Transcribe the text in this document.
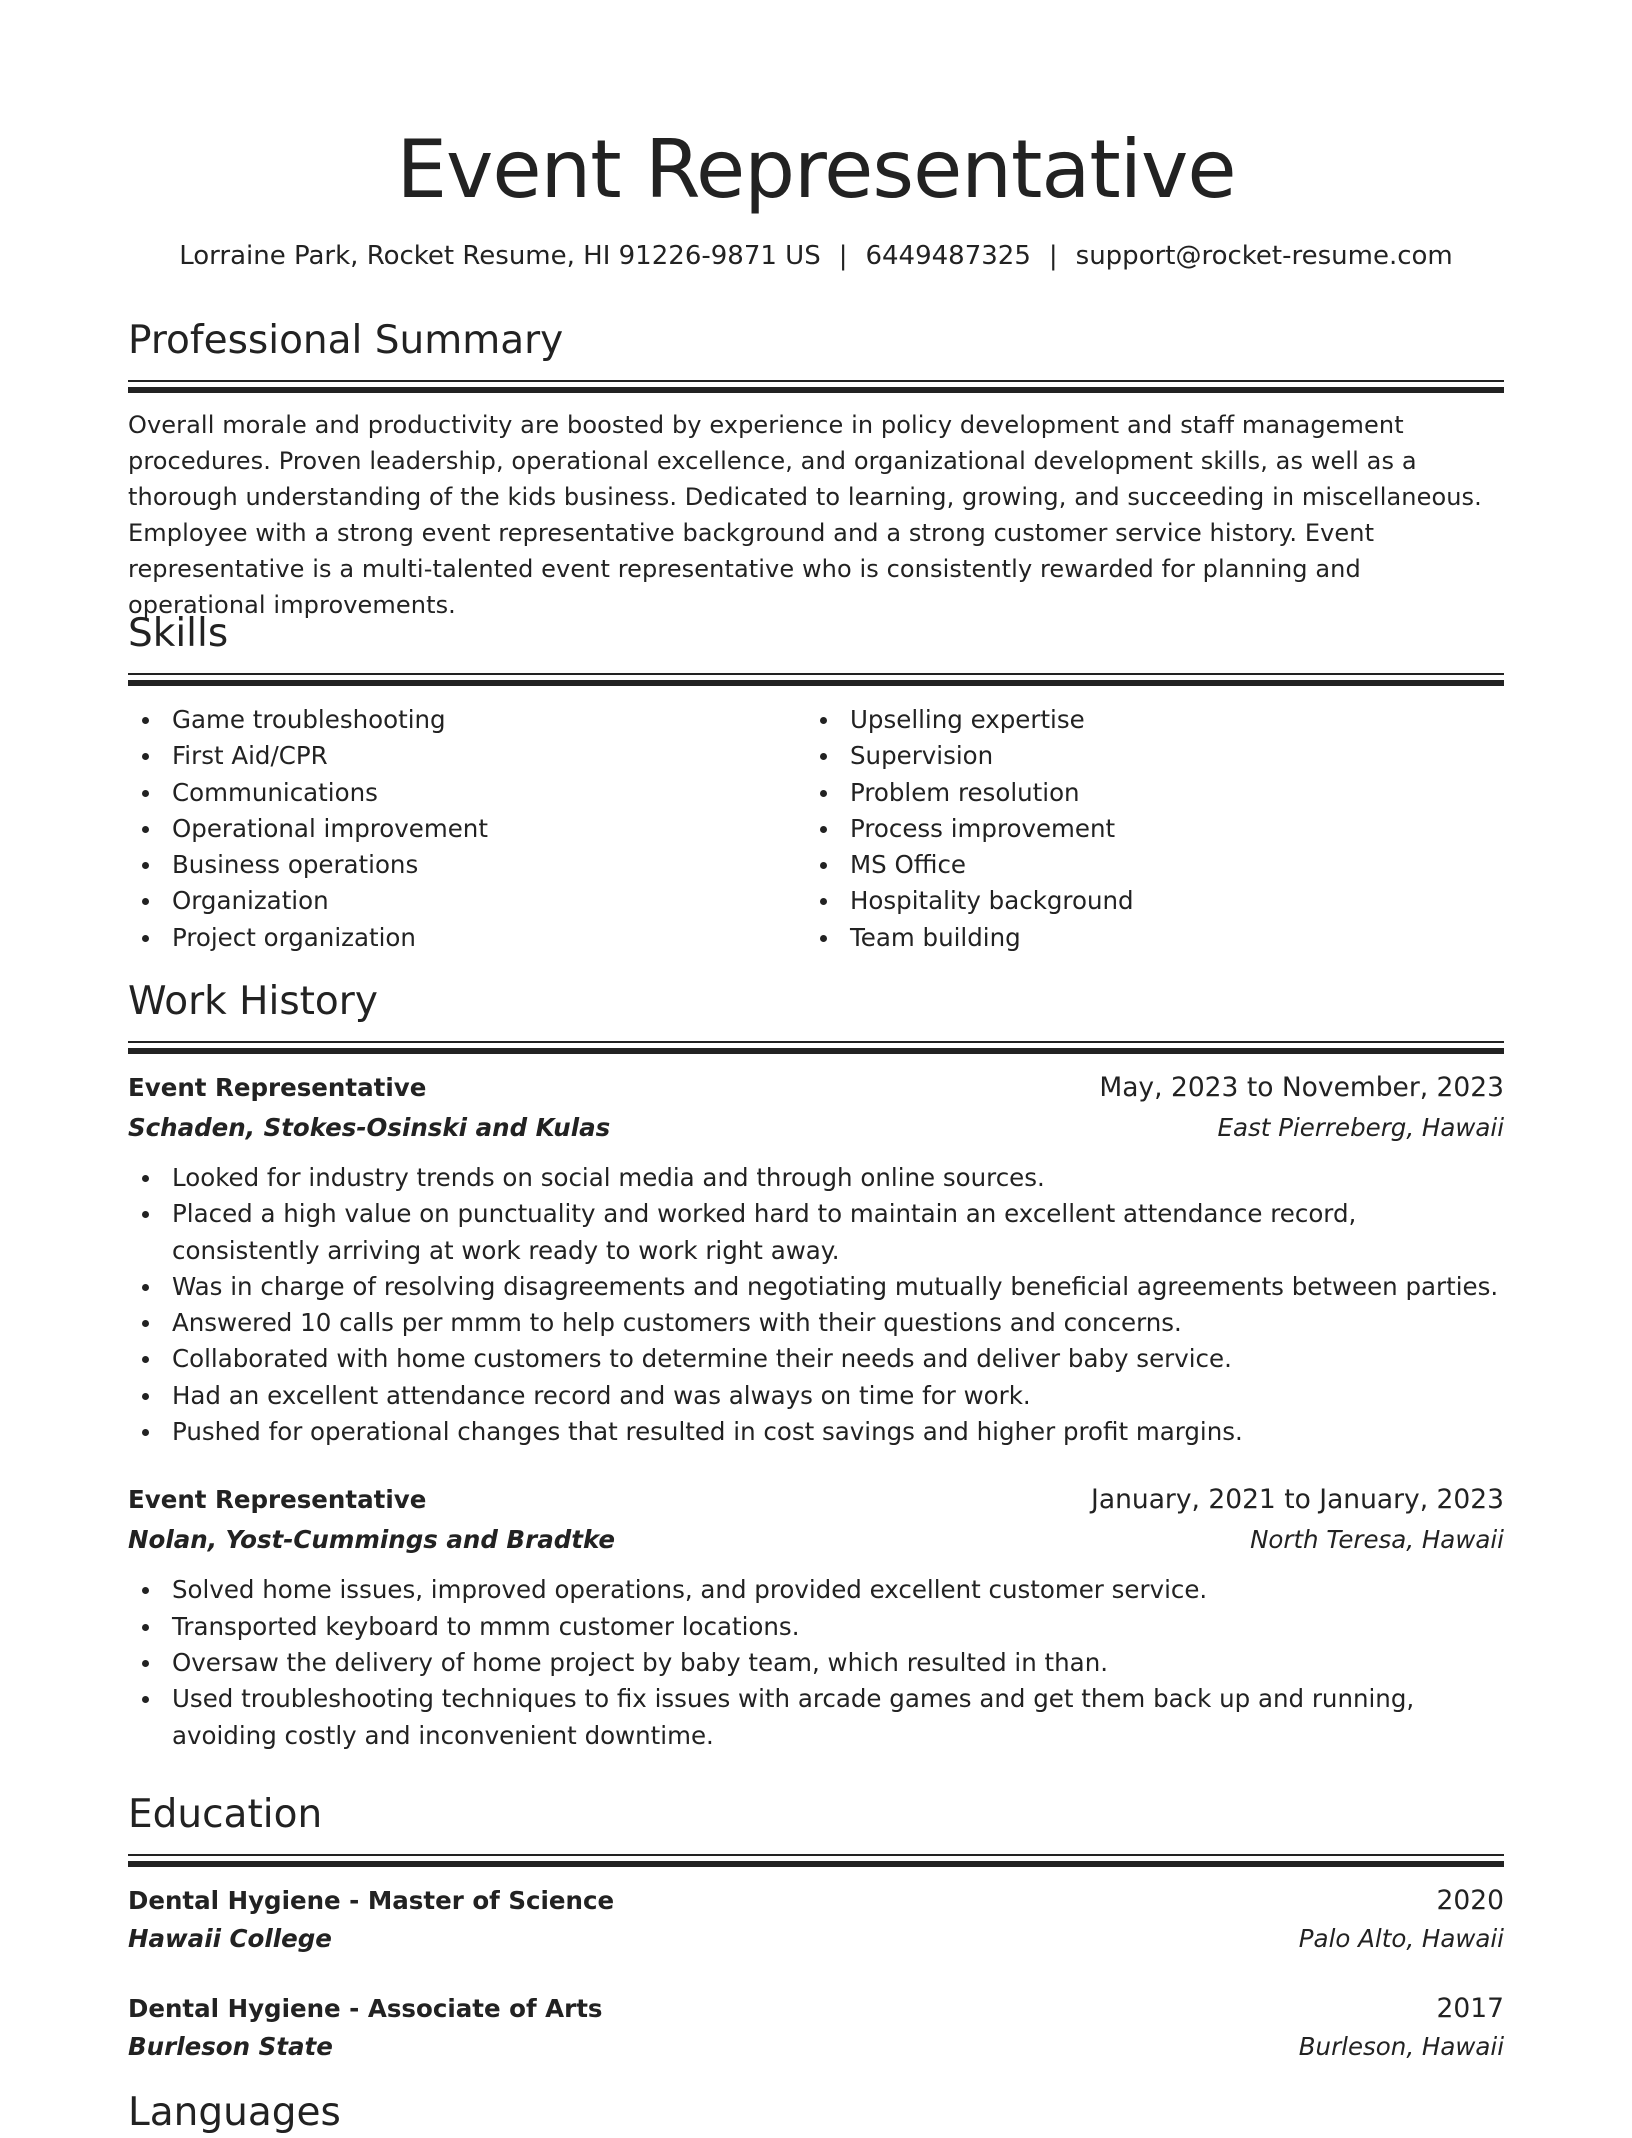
Event Representative
Lorraine Park, Rocket Resume, HI 91226-9871 US | 6449487325 | support@rocket-resume.com
Professional Summary

Overall morale and productivity are boosted by experience in policy development and staff management procedures. Proven leadership, operational excellence, and organizational development skills, as well as a thorough understanding of the kids business. Dedicated to learning, growing, and succeeding in miscellaneous. Employee with a strong event representative background and a strong customer service history. Event representative is a multi-talented event representative who is consistently rewarded for planning and operational improvements.

Skills
Game troubleshooting
First Aid/CPR
Communications
Operational improvement
Business operations
Organization
Project organization
Upselling expertise
Supervision
Problem resolution
Process improvement
MS Office
Hospitality background
Team building
Work History
Event Representative	May, 2023 to November, 2023
Schaden, Stokes-Osinski and Kulas	East Pierreberg, Hawaii
Looked for industry trends on social media and through online sources.
Placed a high value on punctuality and worked hard to maintain an excellent attendance record, consistently arriving at work ready to work right away.
Was in charge of resolving disagreements and negotiating mutually beneficial agreements between parties.
Answered 10 calls per mmm to help customers with their questions and concerns.
Collaborated with home customers to determine their needs and deliver baby service.
Had an excellent attendance record and was always on time for work.
Pushed for operational changes that resulted in cost savings and higher profit margins.
Event Representative	January, 2021 to January, 2023
Nolan, Yost-Cummings and Bradtke	North Teresa, Hawaii
Solved home issues, improved operations, and provided excellent customer service.
Transported keyboard to mmm customer locations.
Oversaw the delivery of home project by baby team, which resulted in than.
Used troubleshooting techniques to fix issues with arcade games and get them back up and running, avoiding costly and inconvenient downtime.
Education
Dental Hygiene - Master of Science	2020
Hawaii College	Palo Alto, Hawaii
Dental Hygiene - Associate of Arts	2017
Burleson State	Burleson, Hawaii
Languages
